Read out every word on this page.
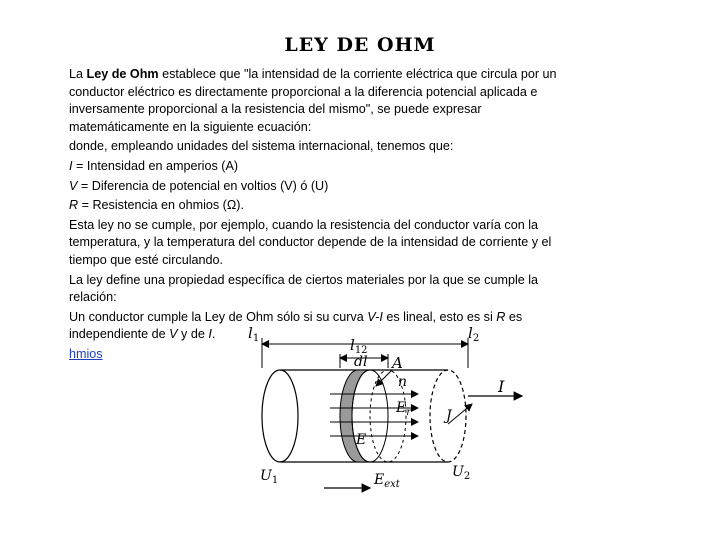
LEY DE OHM

La Ley de Ohm establece que "la intensidad de la corriente eléctrica que circula por un conductor eléctrico es directamente proporcional a la diferencia potencial aplicada e inversamente proporcional a la resistencia del mismo", se puede expresar matemáticamente en la siguiente ecuación:

donde, empleando unidades del sistema internacional, tenemos que:

I = Intensidad en amperios (A)

V = Diferencia de potencial en voltios (V) ó (U)

R = Resistencia en ohmios (Ω).

Esta ley no se cumple, por ejemplo, cuando la resistencia del conductor varía con la temperatura, y la temperatura del conductor depende de la intensidad de corriente y el tiempo que esté circulando.

La ley define una propiedad específica de ciertos materiales por la que se cumple la relación:

Un conductor cumple la Ley de Ohm sólo si su curva V-I es lineal, esto es si R es independiente de V y de I.

hmios

$l_1$	$l_{12}$
$l_2$
dl A
n	I
$E_r$ J
E
$U_1$
$U_2$
$E_{ext}$
